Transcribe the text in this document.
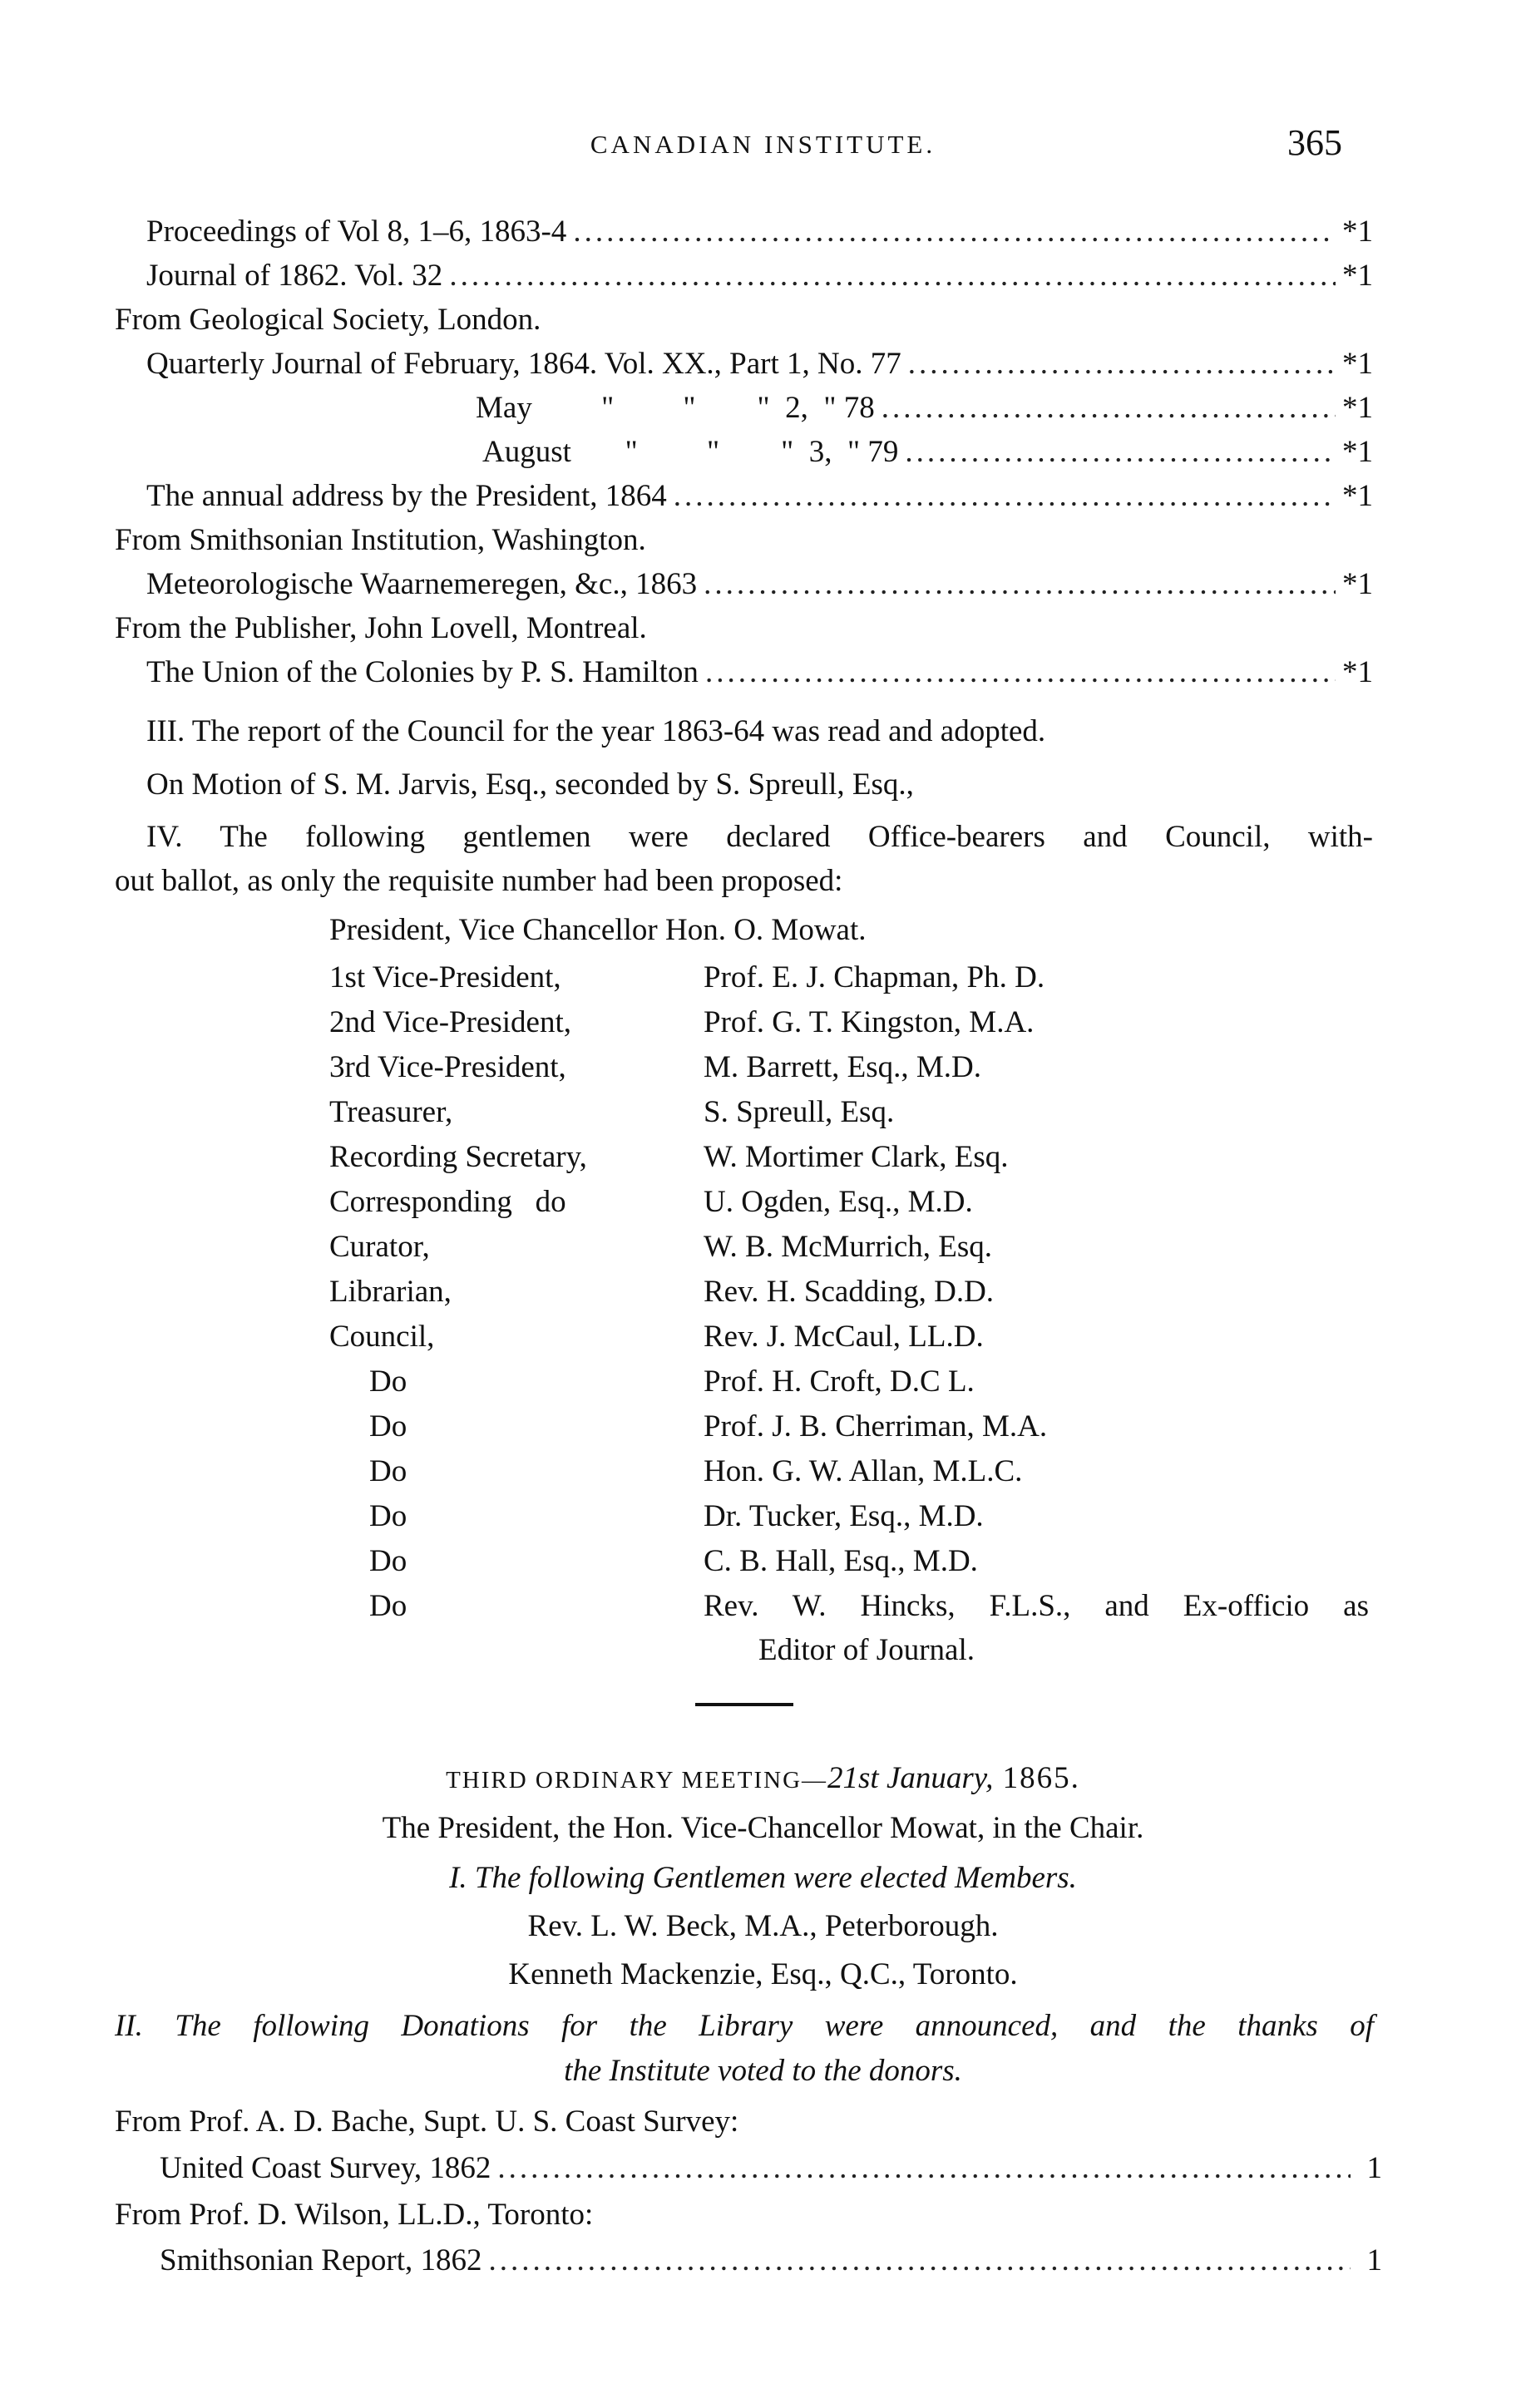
CANADIAN INSTITUTE.	365
Proceedings of Vol 8, 1–6, 1863-4 .....	*1
Journal of 1862. Vol. 32 .....	*1
From Geological Society, London.
Quarterly Journal of February, 1864. Vol. XX., Part 1, No. 77 .....	*1
May         "         "        "  2,  " 78 .....	*1
August       "         "        "  3,  " 79 .....	*1
The annual address by the President, 1864 .....	*1
From Smithsonian Institution, Washington.
Meteorologische Waarnemeregen, &c., 1863 .....	*1
From the Publisher, John Lovell, Montreal.
The Union of the Colonies by P. S. Hamilton .....	*1
III. The report of the Council for the year 1863-64 was read and adopted.
On Motion of S. M. Jarvis, Esq., seconded by S. Spreull, Esq.,
IV. The following gentlemen were declared Office-bearers and Council, with-
out ballot, as only the requisite number had been proposed:
President, Vice Chancellor Hon. O. Mowat.
1st Vice-President,	Prof. E. J. Chapman, Ph. D.
2nd Vice-President,	Prof. G. T. Kingston, M.A.
3rd Vice-President,	M. Barrett, Esq., M.D.
Treasurer,	S. Spreull, Esq.
Recording Secretary,	W. Mortimer Clark, Esq.
Corresponding   do	U. Ogden, Esq., M.D.
Curator,	W. B. McMurrich, Esq.
Librarian,	Rev. H. Scadding, D.D.
Council,	Rev. J. McCaul, LL.D.
Do	Prof. H. Croft, D.C L.
Do	Prof. J. B. Cherriman, M.A.
Do	Hon. G. W. Allan, M.L.C.
Do	Dr. Tucker, Esq., M.D.
Do	C. B. Hall, Esq., M.D.
Do	Rev. W. Hincks, F.L.S., and Ex-officio as
Editor of Journal.
THIRD ORDINARY MEETING—21st January, 1865.
The President, the Hon. Vice-Chancellor Mowat, in the Chair.
I. The following Gentlemen were elected Members.
Rev. L. W. Beck, M.A., Peterborough.
Kenneth Mackenzie, Esq., Q.C., Toronto.
II. The following Donations for the Library were announced, and the thanks of
the Institute voted to the donors.
From Prof. A. D. Bache, Supt. U. S. Coast Survey:
United Coast Survey, 1862 .....	1
From Prof. D. Wilson, LL.D., Toronto:
Smithsonian Report, 1862 .....	1
